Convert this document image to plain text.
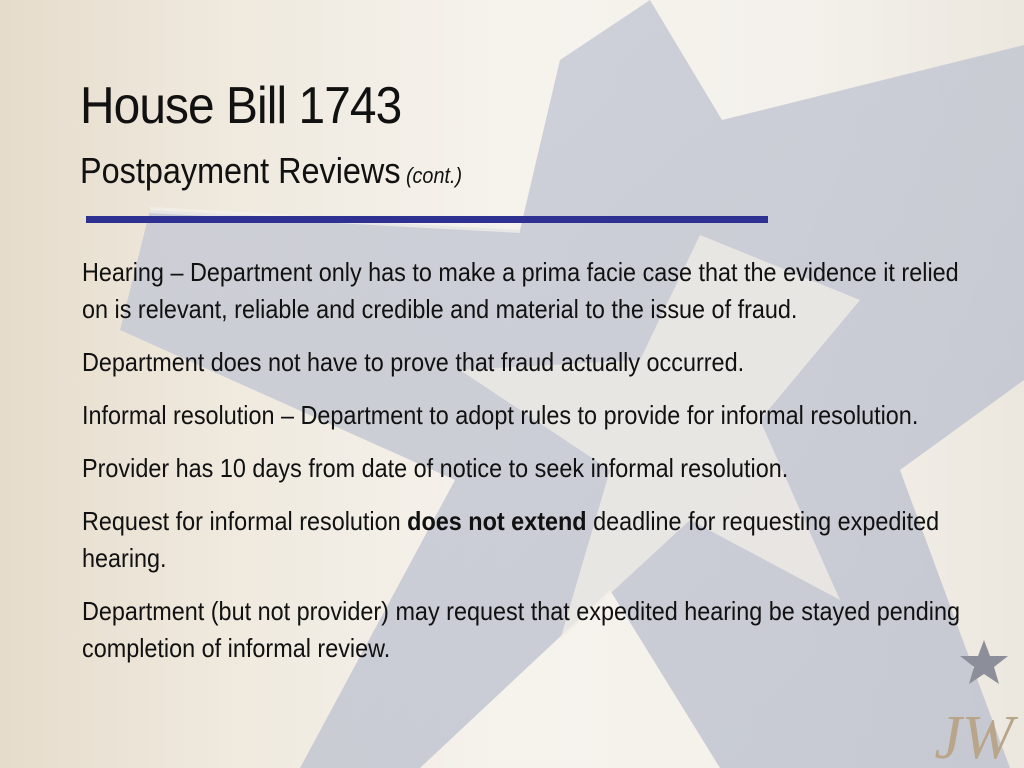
House Bill 1743
Postpayment Reviews (cont.)
Hearing – Department only has to make a prima facie case that the evidence it relied on is relevant, reliable and credible and material to the issue of fraud.
Department does not have to prove that fraud actually occurred.
Informal resolution – Department to adopt rules to provide for informal resolution.
Provider has 10 days from date of notice to seek informal resolution.
Request for informal resolution does not extend deadline for requesting expedited hearing.
Department (but not provider) may request that expedited hearing be stayed pending completion of informal review.
JW
